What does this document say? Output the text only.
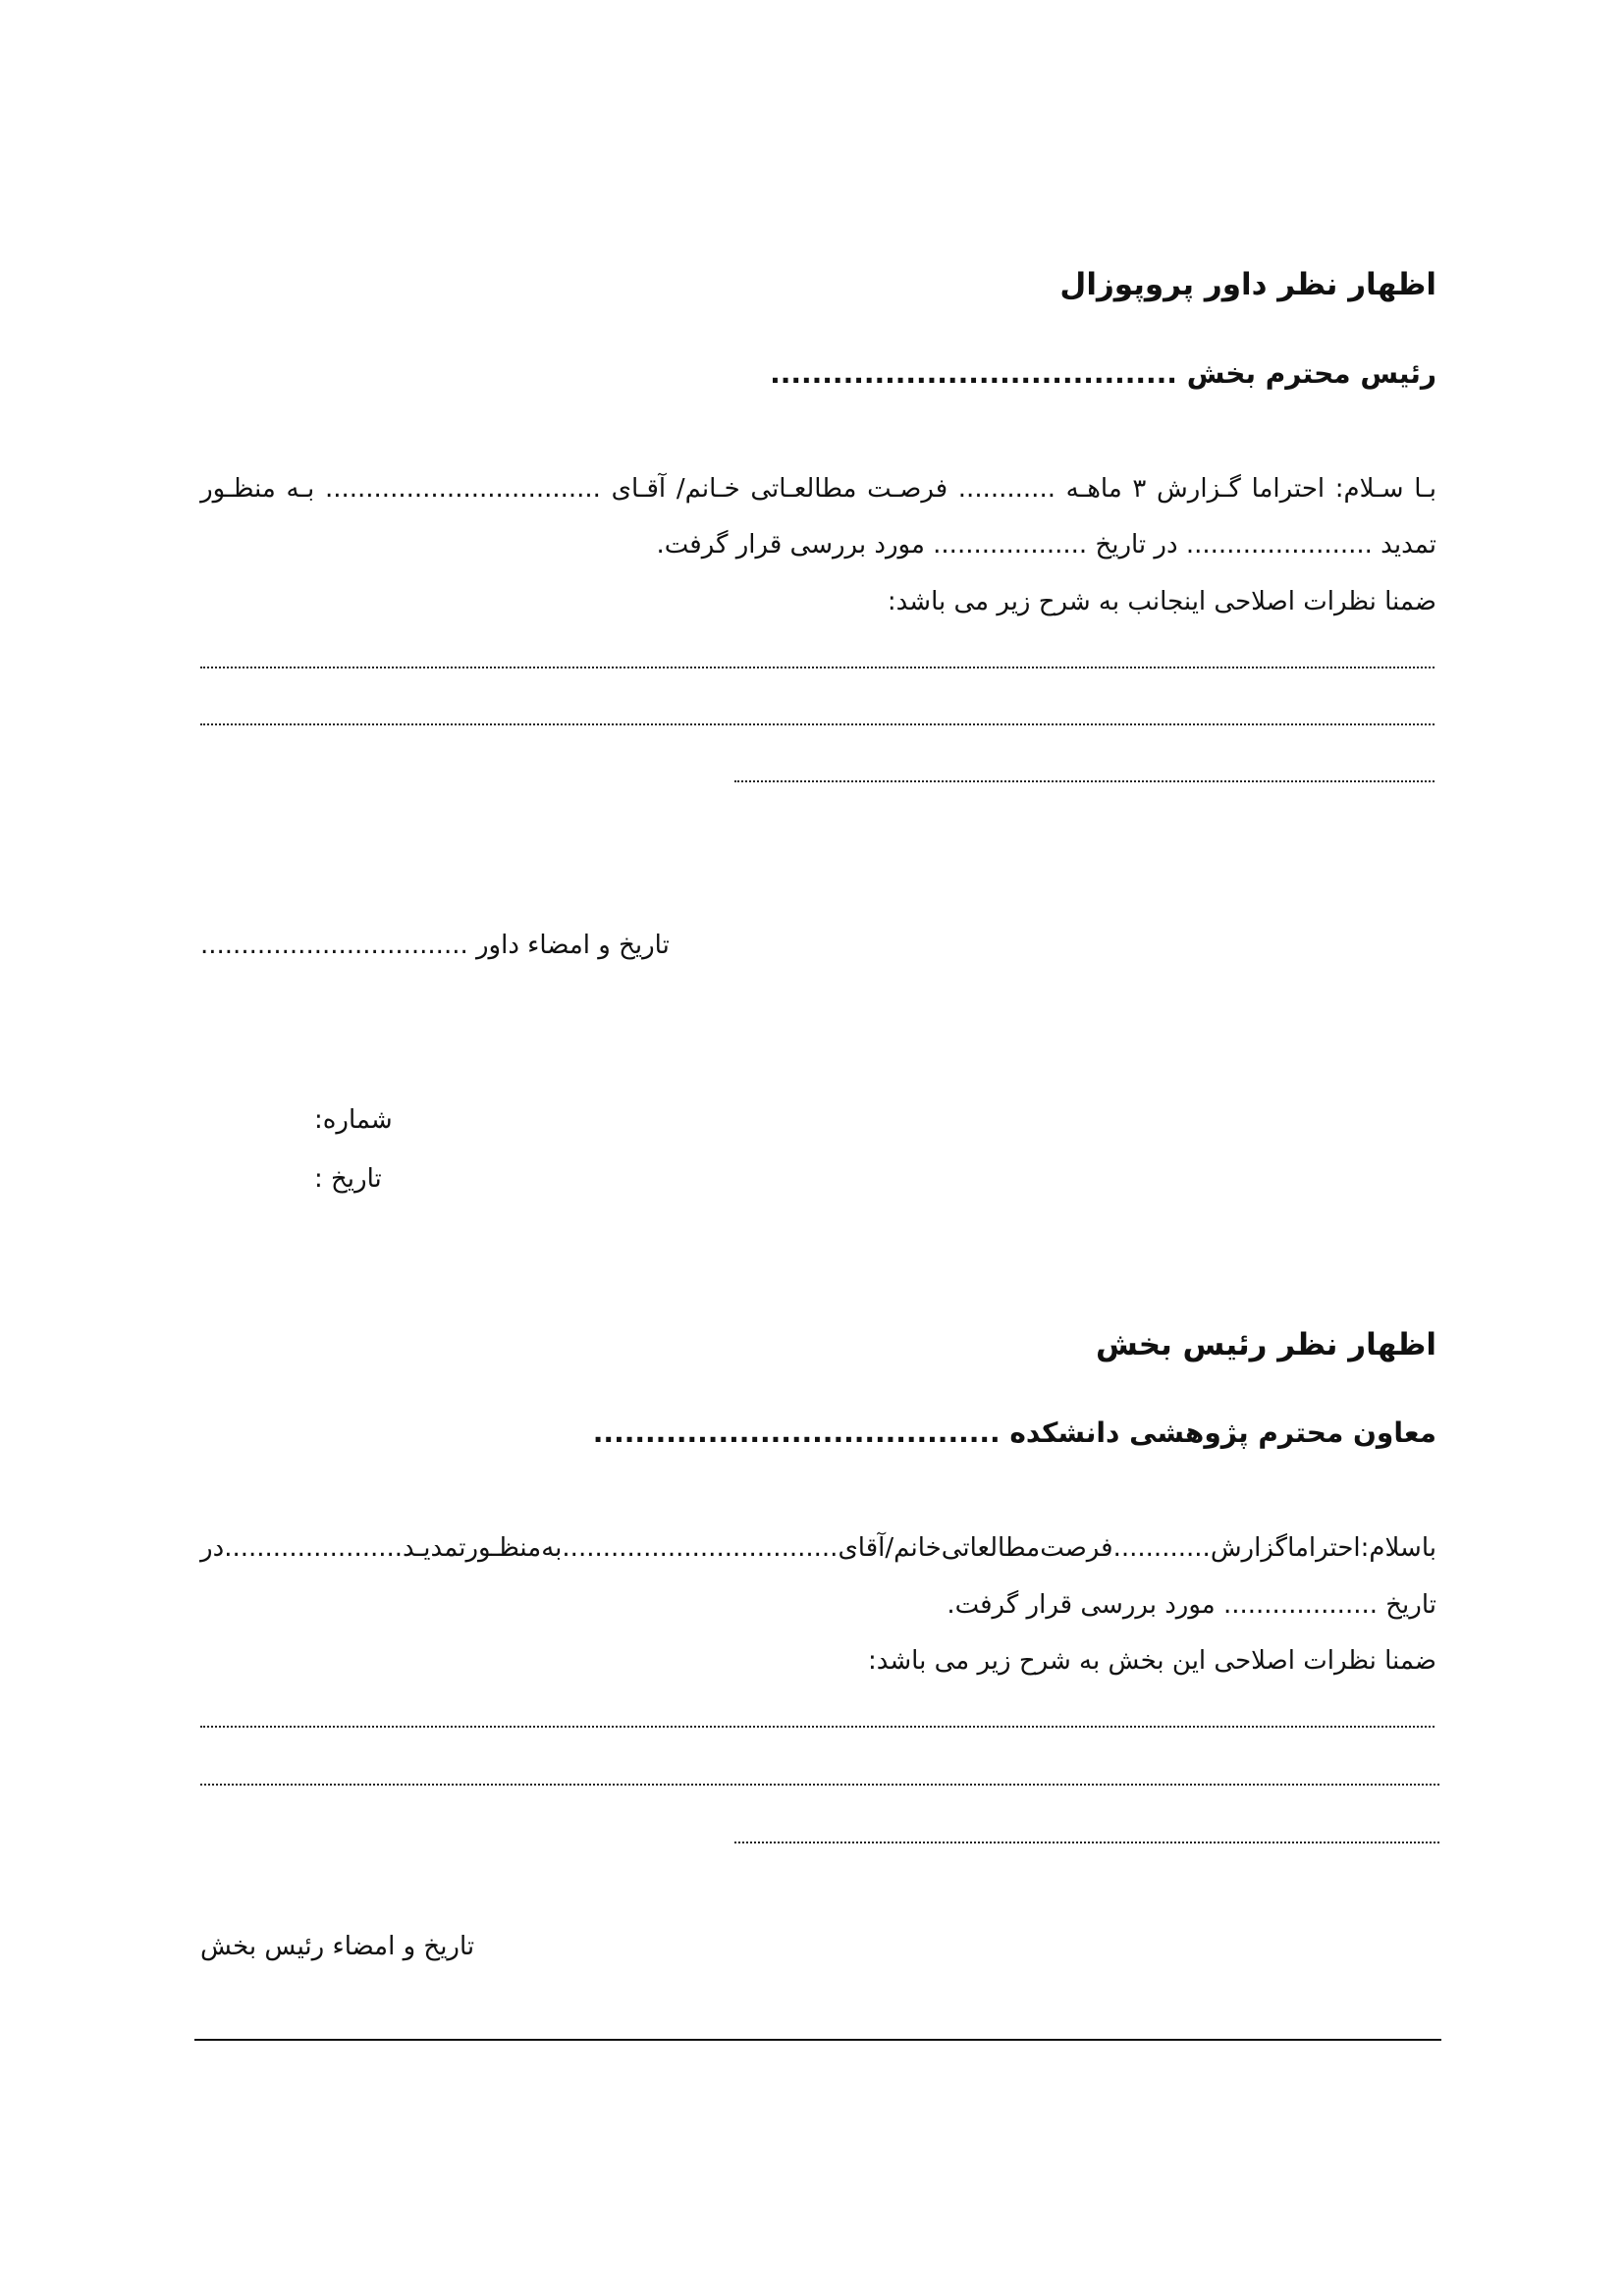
اظهار نظر داور پروپوزال
رئیس محترم بخش .......................................
بـا
سـلام:
احتراما
گـزارش
۳
ماهـه
............
فرصـت
مطالعـاتی
خـانم/
آقـای
..................................
بـه
منظـور
تمدید ....................... در تاریخ ................... مورد بررسی قرار گرفت.
ضمنا نظرات اصلاحی اینجانب به شرح زیر می باشد:
تاریخ و امضاء داور .................................
شماره:
تاریخ :
اظهار نظر رئیس بخش
معاون محترم پژوهشی دانشکده .......................................
با
سلام:
احتراما
گزارش
............
فرصت
مطالعاتی
خانم/
آقای
..................................
به
منظـور
تمدیـد
......................
در
تاریخ ................... مورد بررسی قرار گرفت.
ضمنا نظرات اصلاحی این بخش به شرح زیر می باشد:
تاریخ و امضاء رئیس بخش
